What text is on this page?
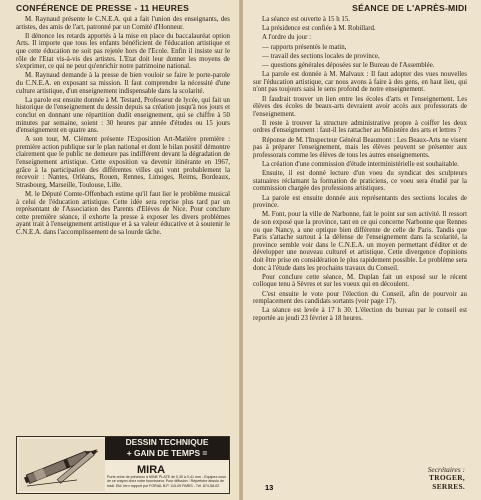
CONFÉRENCE DE PRESSE - 11 HEURES

M. Raynaud présente le C.N.E.A. qui a fait l'union des enseignants, des artistes, des amis de l'art, patronné par un Comité d'Honneur.

Il dénonce les retards apportés à la mise en place du baccalauréat option Arts. Il importe que tous les enfants bénéficient de l'éducation artistique et que cette éducation ne soit pas rejetée hors de l'Ecole. Enfin il insiste sur le rôle de l'Etat vis-à-vis des artistes. L'Etat doit leur donner les moyens de s'exprimer, ce qui ne peut qu'enrichir notre patrimoine national.

M. Raynaud demande à la presse de bien vouloir se faire le porte-parole du C.N.E.A. en exposant sa mission. Il faut comprendre la nécessité d'une culture artistique, d'un enseignement indispensable dans la scolarité.

La parole est ensuite donnée à M. Testard, Professeur de lycée, qui fait un historique de l'enseignement du dessin depuis sa création jusqu'à nos jours et conclut en donnant une répartition dudit enseignement, qui se chiffre à 50 minutes par semaine, soient : 30 heures par année d'études ou 15 jours d'enseignement en quatre ans.

A son tour, M. Clément présente l'Exposition Art-Matière première : première action publique sur le plan national et dont le bilan positif démontre clairement que le public ne demeure pas indifférent devant la dégradation de l'enseignement artistique. Cette exposition va devenir itinérante en 1967, grâce à la participation des différentes villes qui vont probablement la recevoir : Nantes, Orléans, Rouen, Rennes, Limoges, Reims, Bordeaux, Strasbourg, Marseille, Toulouse, Lille.

M. le Député Comte-Offenbach estime qu'il faut lier le problème musical à celui de l'éducation artistique. Cette idée sera reprise plus tard par un représentant de l'Association des Parents d'Elèves de Nice. Pour conclure cette première séance, il exhorte la presse à exposer les divers problèmes ayant trait à l'enseignement artistique et à sa valeur éducative et à soutenir le C.N.E.A. dans l'accomplissement de sa lourde tâche.

DESSIN TECHNIQUE
+ GAIN DE TEMPS =
MIRA
Porte-mine de précision à MINE PLATE de 0,30 à 0,41 mm - Equipez-vous de ce crayon chez votre fournisseur. Pour diffusion : Répertoire absolu de tradi. Etd. tern rapport pur FORIAL B.P. 115-09 PARIS - Tél. 874-58-02
SÉANCE DE L'APRÈS-MIDI

La séance est ouverte à 15 h 15.

La présidence est confiée à M. Robillard.

A l'ordre du jour :

— rapports présentés le matin,

— travail des sections locales de province,

— questions générales déposées sur le Bureau de l'Assemblée.

La parole est donnée à M. Malvaux : Il faut adopter des vues nouvelles sur l'éducation artistique, car nous avons à faire à des gens, en haut lieu, qui n'ont pas toujours saisi le sens profond de notre enseignement.

Il faudrait trouver un lien entre les écoles d'arts et l'enseignement. Les élèves des écoles de beaux-arts devraient avoir accès aux professorats de l'enseignement.

Il reste à trouver la structure administrative propre à coiffer les deux ordres d'enseignement : faut-il les rattacher au Ministère des arts et lettres ?

Réponse de M. l'Inspecteur Général Beaumont : Les Beaux-Arts ne visent pas à préparer l'enseignement, mais les élèves peuvent se présenter aux professorats comme les élèves de tous les autres enseignements.

La création d'une commission d'étude interministérielle est souhaitable.

Ensuite, il est donné lecture d'un voeu du syndicat des sculpteurs statuaires réclamant la formation de praticiens, ce voeu sera étudié par la commission chargée des professions artistiques.

La parole est ensuite donnée aux représentants des sections locales de province.

M. Font, pour la ville de Narbonne, fait le point sur son activité. Il ressort de son exposé que la province, tant en ce qui concerne Narbonne que Rennes ou que Nancy, a une optique bien différente de celle de Paris. Tandis que Paris s'attache surtout à la défense de l'enseignement dans la scolarité, la province semble voir dans le C.N.E.A. un moyen permettant d'éditer et de développer une nouveau culturel et artistique. Cette divergence d'opinions doit être prise en considération le plus rapidement possible. Le problème sera donc à l'étude dans les prochains travaux du Conseil.

Pour conclure cette séance, M. Duplan fait un exposé sur le récent colloque tenu à Sèvres et sur les voeux qui en découlent.

C'est ensuite le vote pour l'élection du Conseil, afin de pourvoir au remplacement des candidats sortants (voir page 17).

La séance est levée à 17 h 30. L'élection du bureau par le conseil est reportée au jeudi 23 février à 18 heures.

Secrétaires :
TROGER,
SERRES.
13
